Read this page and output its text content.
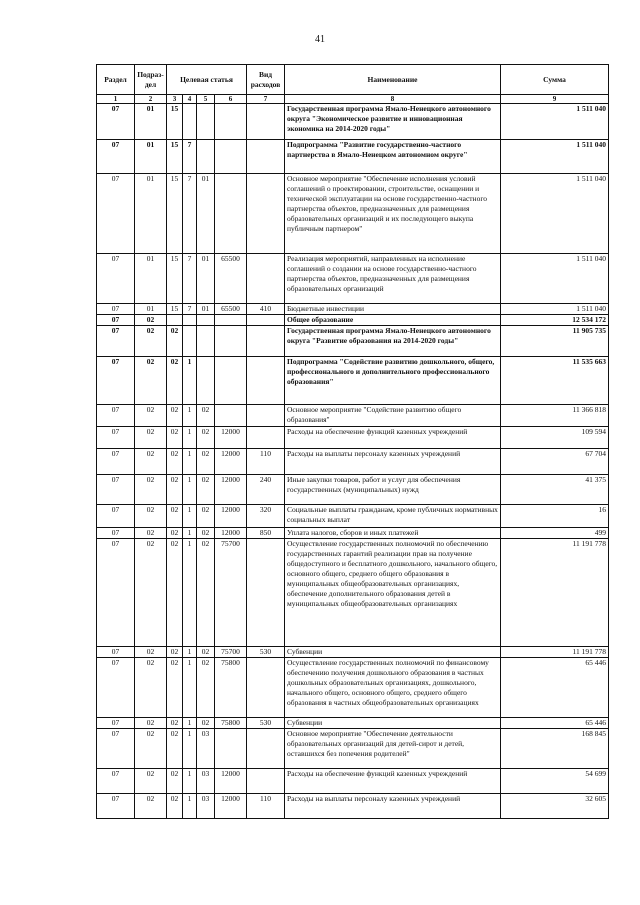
41
Раздел	Подраз-дел	Целевая статья				Вид расходов	Наименование	Сумма
1	2	3	4	5	6	7	8	9
07	01	15					Государственная программа Ямало-Ненецкого автономного округа "Экономическое развитие и инновационная экономика на 2014-2020 годы"	1 511 040
07	01	15	7				Подпрограмма "Развитие государственно-частного партнерства в Ямало-Ненецком автономном округе"	1 511 040
07	01	15	7	01			Основное мероприятие "Обеспечение исполнения условий соглашений о проектировании, строительстве, оснащении и технической эксплуатации на основе государственно-частного партнерства объектов, предназначенных для размещения образовательных организаций и их последующего выкупа публичным партнером"	1 511 040
07	01	15	7	01	65500		Реализация мероприятий, направленных на исполнение соглашений о создании на основе государственно-частного партнерства объектов, предназначенных для размещения образовательных организаций	1 511 040
07	01	15	7	01	65500	410	Бюджетные инвестиции	1 511 040
07	02						Общее образование	12 534 172
07	02	02					Государственная программа Ямало-Ненецкого автономного округа "Развитие образования на 2014-2020 годы"	11 905 735
07	02	02	1				Подпрограмма "Содействие развитию дошкольного, общего, профессионального и дополнительного профессионального образования"	11 535 663
07	02	02	1	02			Основное мероприятие "Содействие развитию общего образования"	11 366 818
07	02	02	1	02	12000		Расходы на обеспечение функций казенных учреждений	109 594
07	02	02	1	02	12000	110	Расходы на выплаты персоналу казенных учреждений	67 704
07	02	02	1	02	12000	240	Иные закупки товаров, работ и услуг для обеспечения государственных (муниципальных) нужд	41 375
07	02	02	1	02	12000	320	Социальные выплаты гражданам, кроме публичных нормативных социальных выплат	16
07	02	02	1	02	12000	850	Уплата налогов, сборов и иных платежей	499
07	02	02	1	02	75700		Осуществление государственных полномочий по обеспечению государственных гарантий реализации прав на получение общедоступного и бесплатного дошкольного, начального общего, основного общего, среднего общего образования в муниципальных общеобразовательных организациях, обеспечение дополнительного образования детей в муниципальных общеобразовательных организациях	11 191 778
07	02	02	1	02	75700	530	Субвенции	11 191 778
07	02	02	1	02	75800		Осуществление государственных полномочий по финансовому обеспечению получения дошкольного образования в частных дошкольных образовательных организациях, дошкольного, начального общего, основного общего, среднего общего образования в частных общеобразовательных организациях	65 446
07	02	02	1	02	75800	530	Субвенции	65 446
07	02	02	1	03			Основное мероприятие "Обеспечение деятельности образовательных организаций для детей-сирот и детей, оставшихся без попечения родителей"	168 845
07	02	02	1	03	12000		Расходы на обеспечение функций казенных учреждений	54 699
07	02	02	1	03	12000	110	Расходы на выплаты персоналу казенных учреждений	32 605
